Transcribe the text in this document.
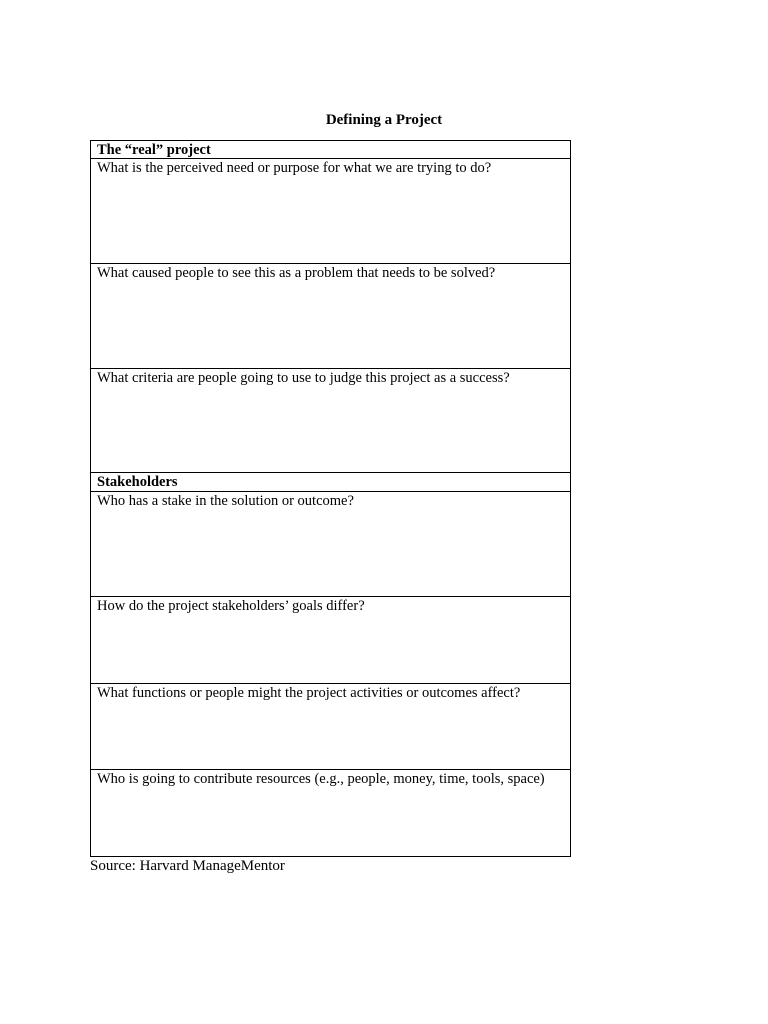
Defining a Project
The “real” project
What is the perceived need or purpose for what we are trying to do?
What caused people to see this as a problem that needs to be solved?
What criteria are people going to use to judge this project as a success?
Stakeholders
Who has a stake in the solution or outcome?
How do the project stakeholders’ goals differ?
What functions or people might the project activities or outcomes affect?
Who is going to contribute resources (e.g., people, money, time, tools, space)
Source: Harvard ManageMentor
